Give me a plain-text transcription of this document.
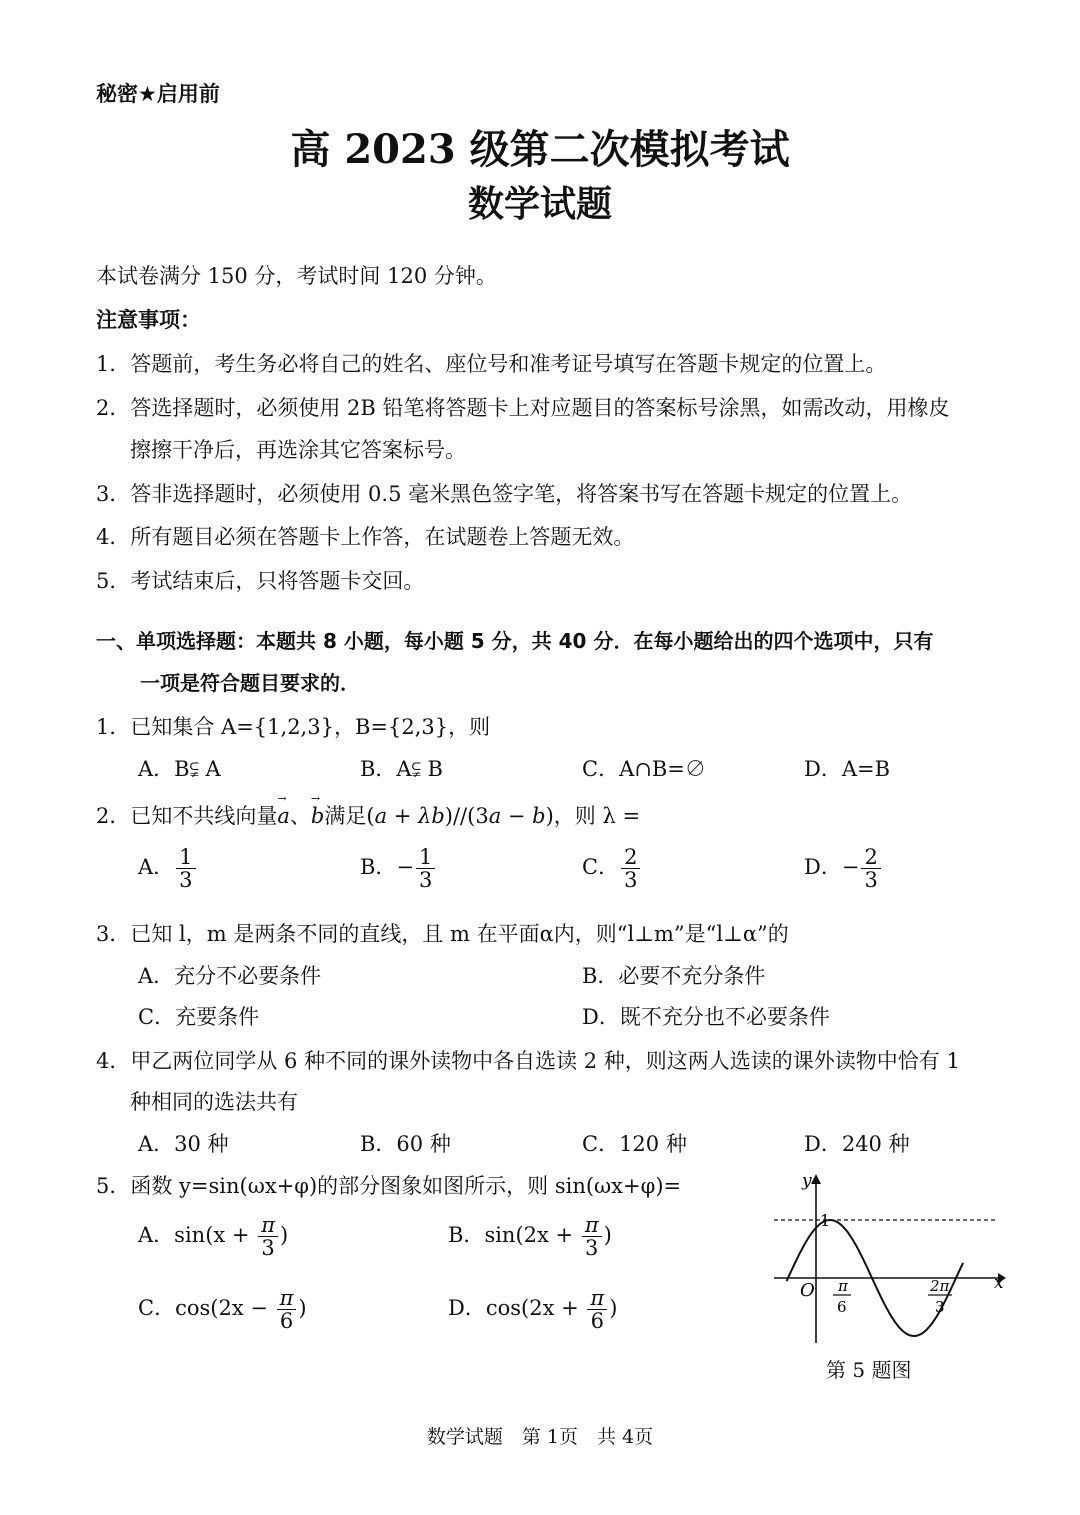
秘密★启用前
高 2023 级第二次模拟考试
数学试题
本试卷满分 150 分，考试时间 120 分钟。
注意事项：
1．答题前，考生务必将自己的姓名、座位号和准考证号填写在答题卡规定的位置上。
2．答选择题时，必须使用 2B 铅笔将答题卡上对应题目的答案标号涂黑，如需改动，用橡皮
擦擦干净后，再选涂其它答案标号。
3．答非选择题时，必须使用 0.5 毫米黑色签字笔，将答案书写在答题卡规定的位置上。
4．所有题目必须在答题卡上作答，在试题卷上答题无效。
5．考试结束后，只将答题卡交回。
一、单项选择题：本题共 8 小题，每小题 5 分，共 40 分．在每小题给出的四个选项中，只有
一项是符合题目要求的．
1．已知集合 A={1,2,3}，B={2,3}，则
A．B⫋ A	B．A⫋ B	C．A∩B=∅	D．A=B
2．已知不共线向量→ a、→ b满足(a + λb)//(3a − b)，则 λ =
A． $\frac{1}{3}$	B．− $\frac{1}{3}$	C． $\frac{2}{3}$	D．− $\frac{2}{3}$
3．已知 l，m 是两条不同的直线，且 m 在平面α内，则“l⊥m”是“l⊥α”的
A．充分不必要条件	B．必要不充分条件
C．充要条件	D．既不充分也不必要条件
4．甲乙两位同学从 6 种不同的课外读物中各自选读 2 种，则这两人选读的课外读物中恰有 1
种相同的选法共有
A．30 种	B．60 种	C．120 种	D．240 种
5．函数 y=sin(ωx+φ)的部分图象如图所示，则 sin(ωx+φ)=
A．$\sin(x + \frac{\pi}{3}$ )	B．$\sin(2x + \frac{\pi}{3}$ )
C．$\cos(2x - \frac{\pi}{6}$ )	D．$\cos(2x + \frac{\pi}{6}$ )
y
x
O
1
π
6
2π
3
第 5 题图
数学试题　第 1页　共 4页
